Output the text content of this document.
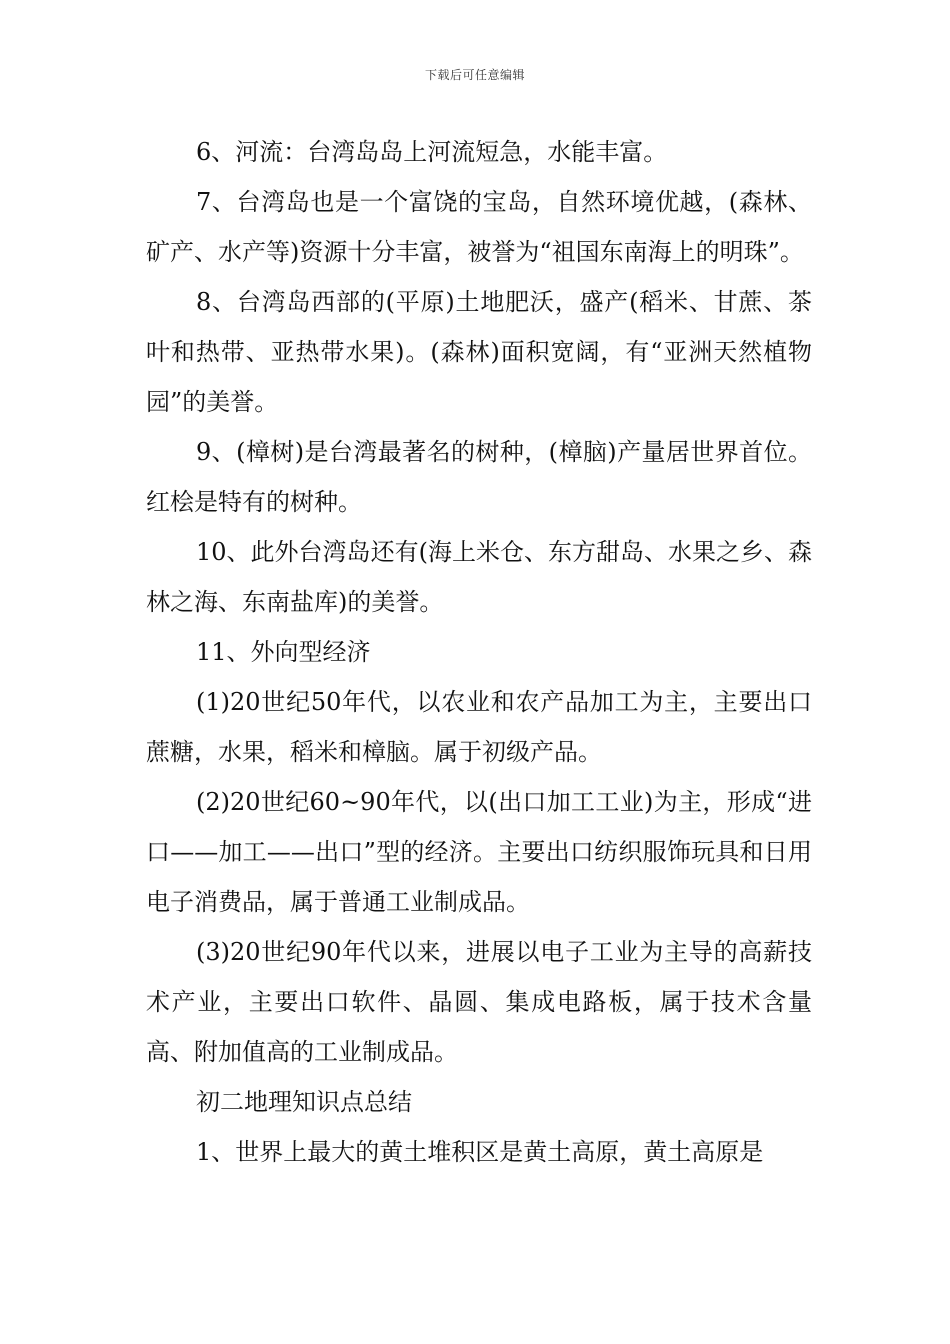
下载后可任意编辑

6、河流：台湾岛岛上河流短急，水能丰富。

7、台湾岛也是一个富饶的宝岛，自然环境优越，(森林、矿产、水产等)资源十分丰富，被誉为“祖国东南海上的明珠”。

8、台湾岛西部的(平原)土地肥沃，盛产(稻米、甘蔗、茶叶和热带、亚热带水果)。(森林)面积宽阔，有“亚洲天然植物园”的美誉。

9、(樟树)是台湾最著名的树种，(樟脑)产量居世界首位。红桧是特有的树种。

10、此外台湾岛还有(海上米仓、东方甜岛、水果之乡、森林之海、东南盐库)的美誉。

11、外向型经济

(1)20世纪50年代，以农业和农产品加工为主，主要出口蔗糖，水果，稻米和樟脑。属于初级产品。

(2)20世纪60~90年代，以(出口加工工业)为主，形成“进口——加工——出口”型的经济。主要出口纺织服饰玩具和日用电子消费品，属于普通工业制成品。

(3)20世纪90年代以来，进展以电子工业为主导的高薪技术产业，主要出口软件、晶圆、集成电路板，属于技术含量高、附加值高的工业制成品。

初二地理知识点总结

1、世界上最大的黄土堆积区是黄土高原，黄土高原是
